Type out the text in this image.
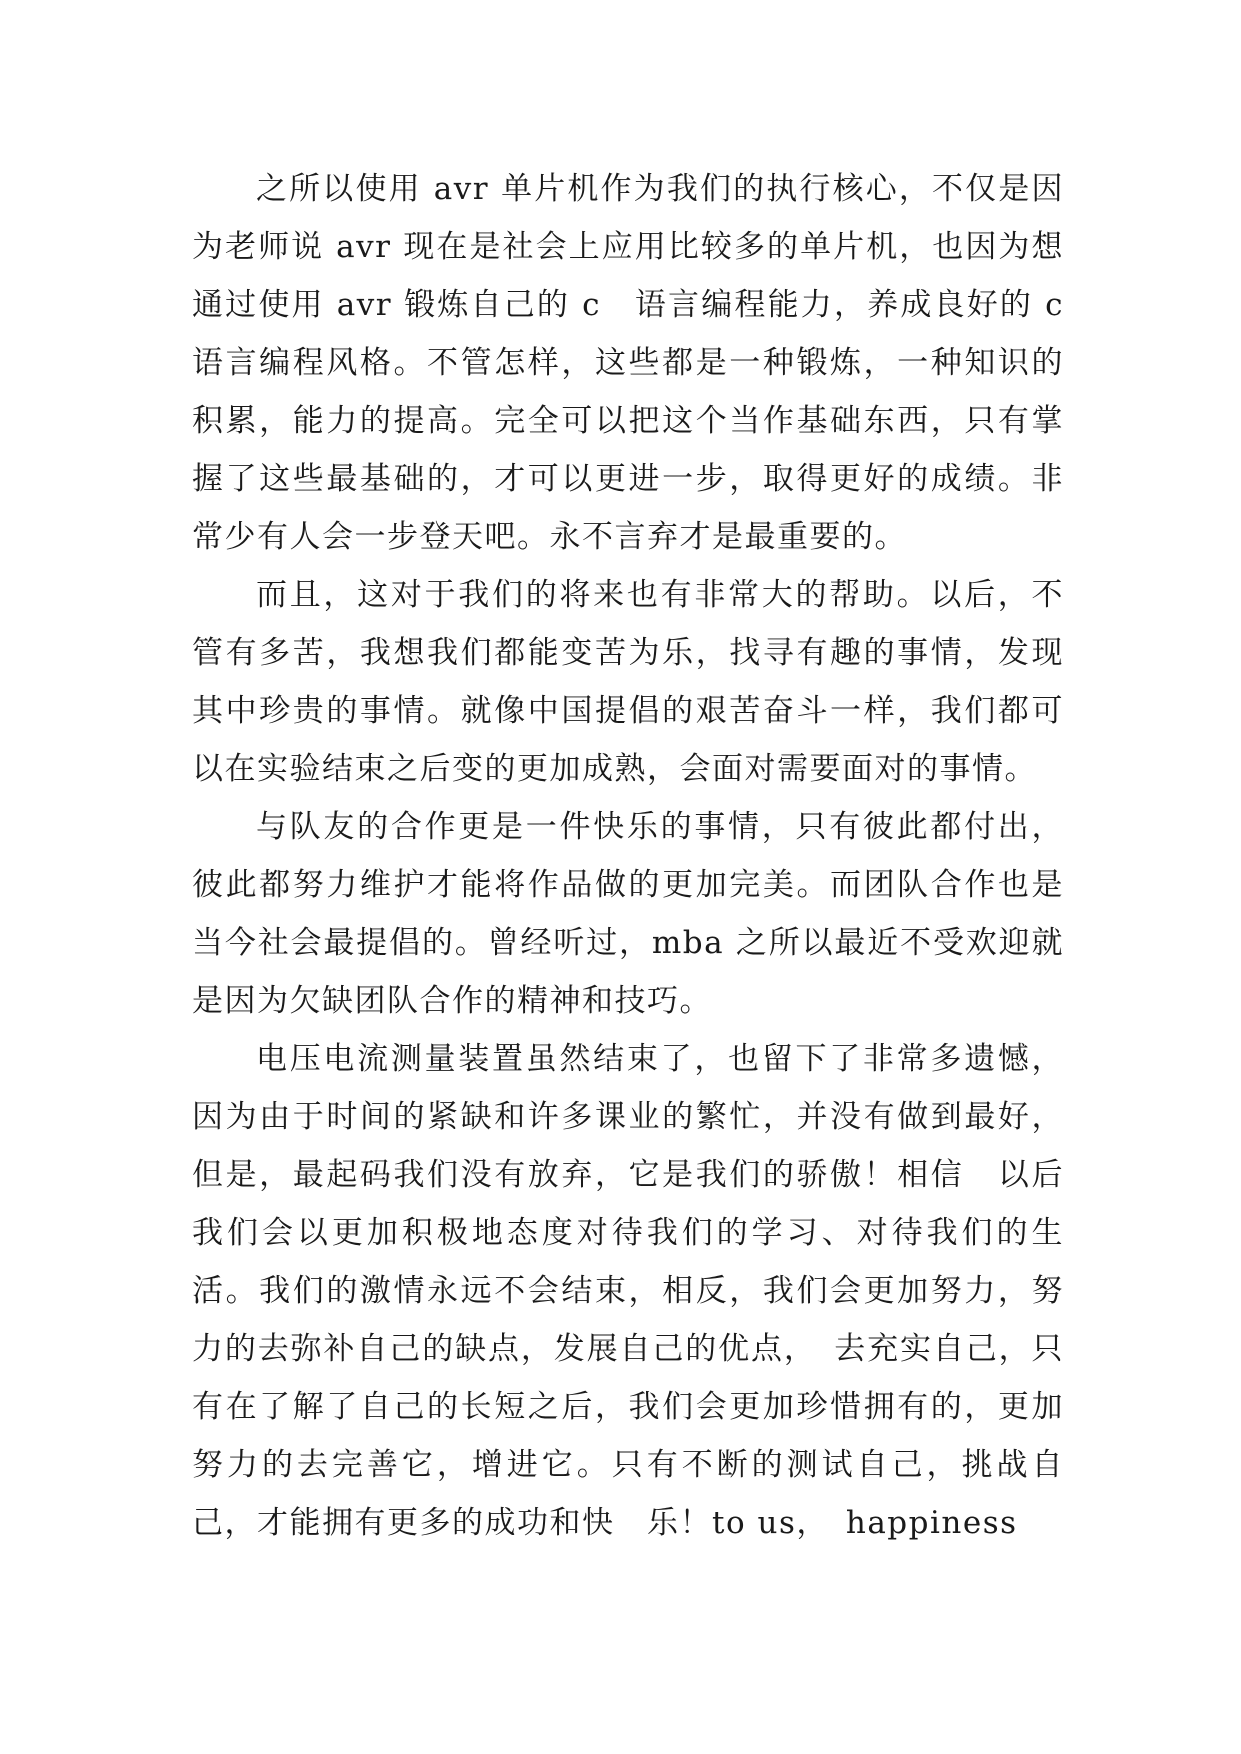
之所以使用 avr 单片机作为我们的执行核心，不仅是因为老师说 avr 现在是社会上应用比较多的单片机，也因为想通过使用 avr 锻炼自己的 c　语言编程能力，养成良好的 c 语言编程风格。不管怎样，这些都是一种锻炼，一种知识的积累，能力的提高。完全可以把这个当作基础东西，只有掌握了这些最基础的，才可以更进一步，取得更好的成绩。非常少有人会一步登天吧。永不言弃才是最重要的。

而且，这对于我们的将来也有非常大的帮助。以后，不管有多苦，我想我们都能变苦为乐，找寻有趣的事情，发现其中珍贵的事情。就像中国提倡的艰苦奋斗一样，我们都可以在实验结束之后变的更加成熟，会面对需要面对的事情。

与队友的合作更是一件快乐的事情，只有彼此都付出，彼此都努力维护才能将作品做的更加完美。而团队合作也是当今社会最提倡的。曾经听过，mba 之所以最近不受欢迎就是因为欠缺团队合作的精神和技巧。

电压电流测量装置虽然结束了，也留下了非常多遗憾，因为由于时间的紧缺和许多课业的繁忙，并没有做到最好，但是，最起码我们没有放弃，它是我们的骄傲！相信　以后我们会以更加积极地态度对待我们的学习、对待我们的生活。我们的激情永远不会结束，相反，我们会更加努力，努力的去弥补自己的缺点，发展自己的优点，　去充实自己，只有在了解了自己的长短之后，我们会更加珍惜拥有的，更加努力的去完善它，增进它。只有不断的测试自己，挑战自己，才能拥有更多的成功和快　乐！to us，　happiness
